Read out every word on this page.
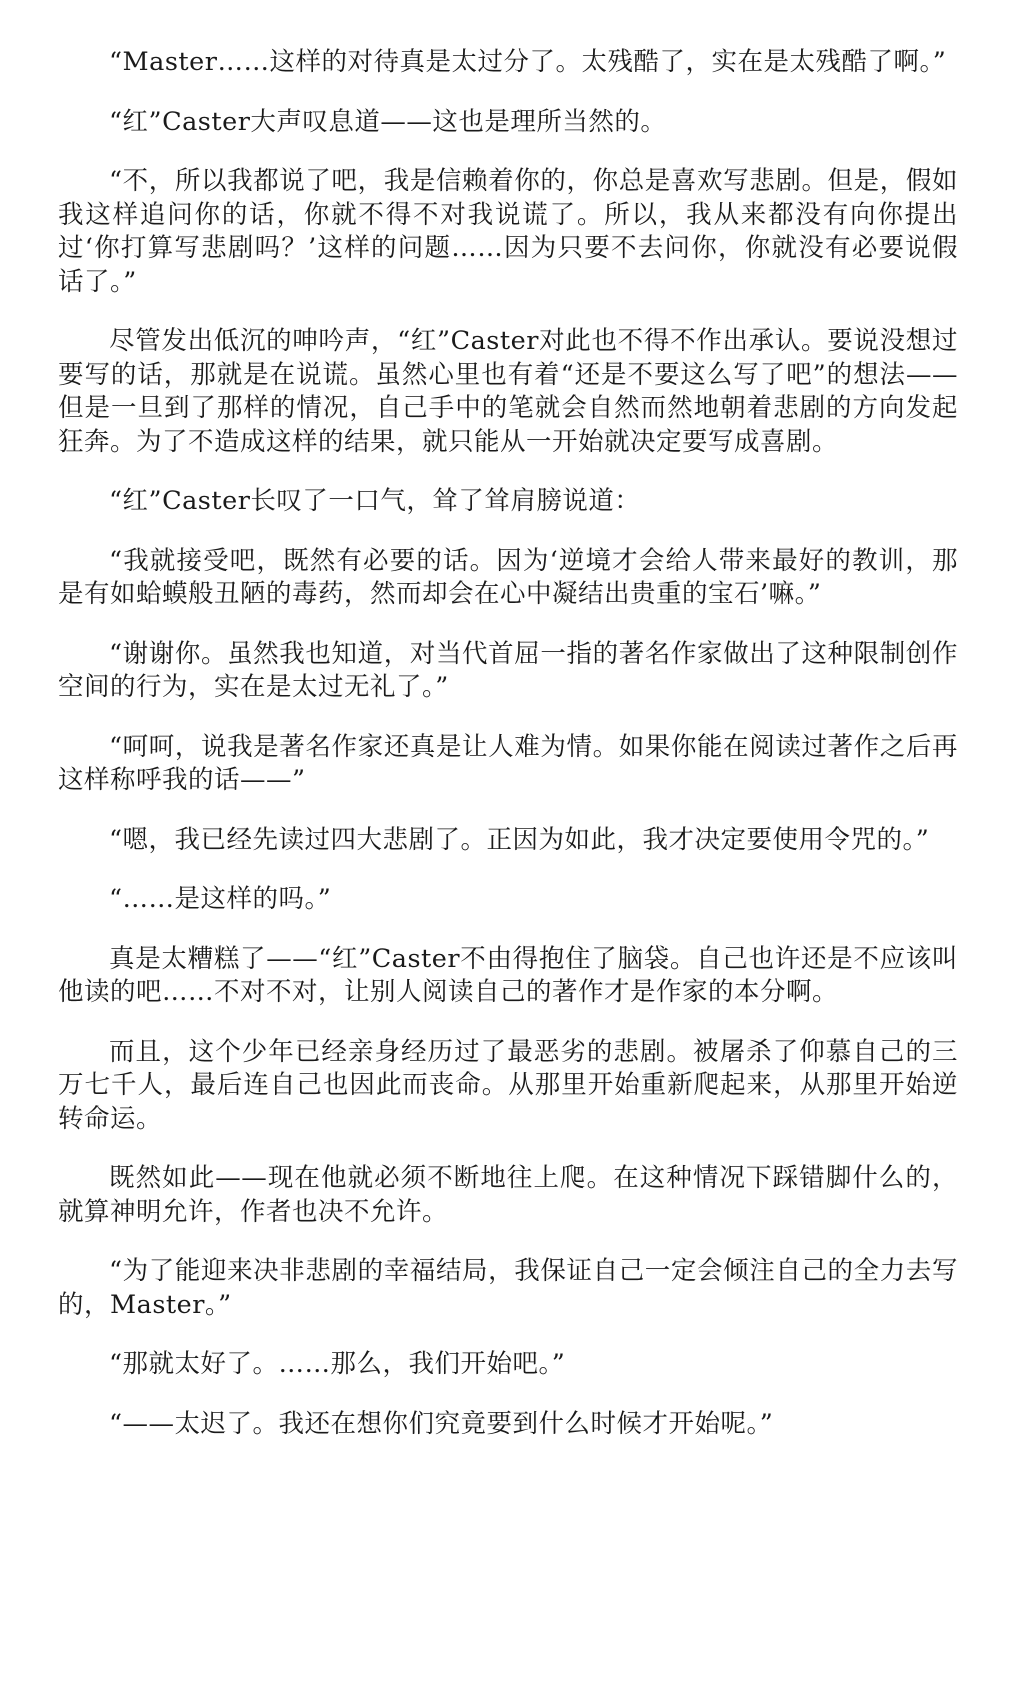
“Master……这样的对待真是太过分了。太残酷了，实在是太残酷了啊。”

“红”Caster大声叹息道——这也是理所当然的。

“不，所以我都说了吧，我是信赖着你的，你总是喜欢写悲剧。但是，假如我这样追问你的话，你就不得不对我说谎了。所以，我从来都没有向你提出过‘你打算写悲剧吗？’这样的问题……因为只要不去问你，你就没有必要说假话了。”

尽管发出低沉的呻吟声，“红”Caster对此也不得不作出承认。要说没想过要写的话，那就是在说谎。虽然心里也有着“还是不要这么写了吧”的想法——但是一旦到了那样的情况，自己手中的笔就会自然而然地朝着悲剧的方向发起狂奔。为了不造成这样的结果，就只能从一开始就决定要写成喜剧。

“红”Caster长叹了一口气，耸了耸肩膀说道：

“我就接受吧，既然有必要的话。因为‘逆境才会给人带来最好的教训，那是有如蛤蟆般丑陋的毒药，然而却会在心中凝结出贵重的宝石’嘛。”

“谢谢你。虽然我也知道，对当代首屈一指的著名作家做出了这种限制创作空间的行为，实在是太过无礼了。”

“呵呵，说我是著名作家还真是让人难为情。如果你能在阅读过著作之后再这样称呼我的话——”

“嗯，我已经先读过四大悲剧了。正因为如此，我才决定要使用令咒的。”

“……是这样的吗。”

真是太糟糕了——“红”Caster不由得抱住了脑袋。自己也许还是不应该叫他读的吧……不对不对，让别人阅读自己的著作才是作家的本分啊。

而且，这个少年已经亲身经历过了最恶劣的悲剧。被屠杀了仰慕自己的三万七千人，最后连自己也因此而丧命。从那里开始重新爬起来，从那里开始逆转命运。

既然如此——现在他就必须不断地往上爬。在这种情况下踩错脚什么的，就算神明允许，作者也决不允许。

“为了能迎来决非悲剧的幸福结局，我保证自己一定会倾注自己的全力去写的，Master。”

“那就太好了。……那么，我们开始吧。”

“——太迟了。我还在想你们究竟要到什么时候才开始呢。”
